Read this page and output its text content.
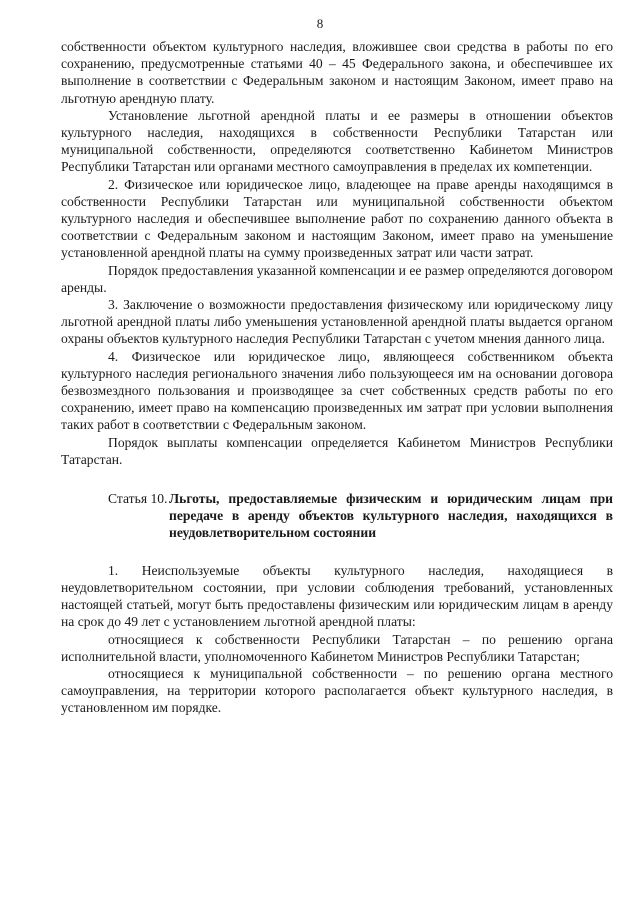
8

собственности объектом культурного наследия, вложившее свои средства в работы по его сохранению, предусмотренные статьями 40 – 45 Федерального закона, и обеспечившее их выполнение в соответствии с Федеральным законом и настоящим Законом, имеет право на льготную арендную плату.

Установление льготной арендной платы и ее размеры в отношении объектов культурного наследия, находящихся в собственности Республики Татарстан или муниципальной собственности, определяются соответственно Кабинетом Министров Республики Татарстан или органами местного самоуправления в пределах их компетенции.

2. Физическое или юридическое лицо, владеющее на праве аренды находящимся в собственности Республики Татарстан или муниципальной собственности объектом культурного наследия и обеспечившее выполнение работ по сохранению данного объекта в соответствии с Федеральным законом и настоящим Законом, имеет право на уменьшение установленной арендной платы на сумму произведенных затрат или части затрат.

Порядок предоставления указанной компенсации и ее размер определяются договором аренды.

3. Заключение о возможности предоставления физическому или юридическому лицу льготной арендной платы либо уменьшения установленной арендной платы выдается органом охраны объектов культурного наследия Республики Татарстан с учетом мнения данного лица.

4. Физическое или юридическое лицо, являющееся собственником объекта культурного наследия регионального значения либо пользующееся им на основании договора безвозмездного пользования и производящее за счет собственных средств работы по его сохранению, имеет право на компенсацию произведенных им затрат при условии выполнения таких работ в соответствии с Федеральным законом.

Порядок выплаты компенсации определяется Кабинетом Министров Республики Татарстан.

Статья 10. Льготы, предоставляемые физическим и юридическим лицам при передаче в аренду объектов культурного наследия, находящихся в неудовлетворительном состоянии

1. Неиспользуемые объекты культурного наследия, находящиеся в неудовлетворительном состоянии, при условии соблюдения требований, установленных настоящей статьей, могут быть предоставлены физическим или юридическим лицам в аренду на срок до 49 лет с установлением льготной арендной платы:

относящиеся к собственности Республики Татарстан – по решению органа исполнительной власти, уполномоченного Кабинетом Министров Республики Татарстан;

относящиеся к муниципальной собственности – по решению органа местного самоуправления, на территории которого располагается объект культурного наследия, в установленном им порядке.
